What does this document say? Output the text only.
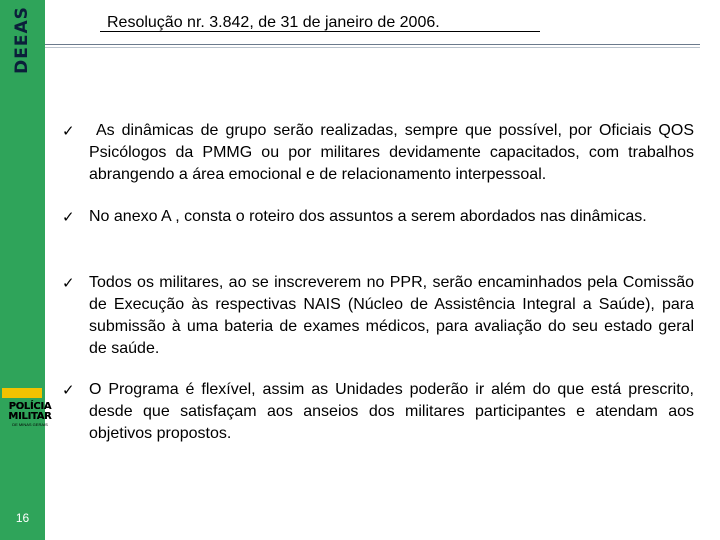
DEEAS
16
Resolução nr. 3.842, de 31 de janeiro de 2006.
POLÍCIA
MILITAR
DE MINAS GERAIS
✓ As dinâmicas de grupo serão realizadas, sempre que possível, por Oficiais QOS Psicólogos da PMMG ou por militares devidamente capacitados, com trabalhos abrangendo a área emocional e de relacionamento interpessoal.
✓ No anexo A , consta o roteiro dos assuntos a serem abordados nas dinâmicas.
✓ Todos os militares, ao se inscreverem no PPR, serão encaminhados pela Comissão de Execução às respectivas NAIS (Núcleo de Assistência Integral a Saúde), para submissão à uma bateria de exames médicos, para avaliação do seu estado geral de saúde.
✓ O Programa é flexível, assim as Unidades poderão ir além do que está prescrito, desde que satisfaçam aos anseios dos militares participantes e atendam aos objetivos propostos.
